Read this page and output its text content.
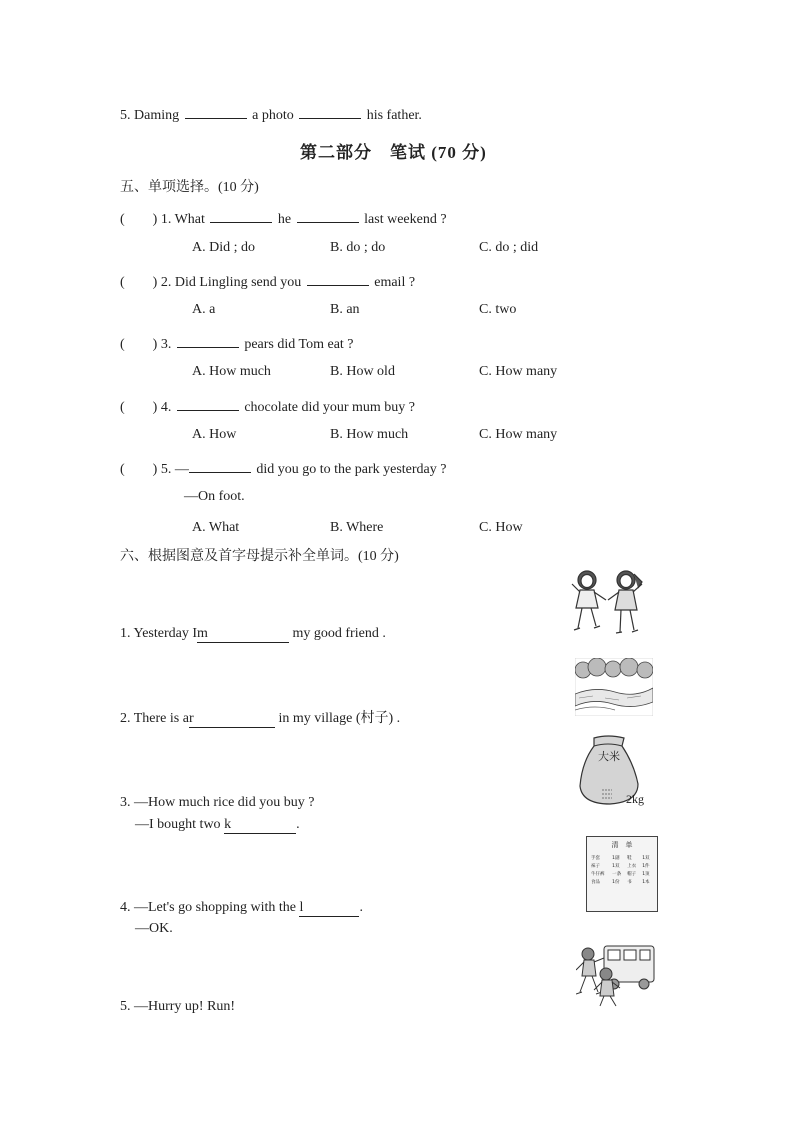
5. Daming	a photo	his father.
第二部分　笔试 (70 分)
五、单项选择。(10 分)
( ) 1. What	he	last weekend ?
A. Did ; do	B. do ; do	C. do ; did
( ) 2. Did Lingling send you	email ?
A. a	B. an	C. two
( ) 3.	pears did Tom eat ?
A. How much	B. How old	C. How many
( ) 4.	chocolate did your mum buy ?
A. How	B. How much	C. How many
( ) 5. —	did you go to the park yesterday ?
—On foot.
A. What	B. Where	C. How
六、根据图意及首字母提示补全单词。(10 分)
1. Yesterday Im	my good friend .
2. There is ar	in my village (村子) .
3. —How much rice did you buy ?
—I bought two k	.
大米
2kg
4. —Let's go shopping with the l	.
—OK.
清　单
手套	1副	鞋	1双
袜子	1双	上衣	1件
牛仔裤	一条	帽子	1顶
食品	1份	书	1本
5. —Hurry up! Run!
